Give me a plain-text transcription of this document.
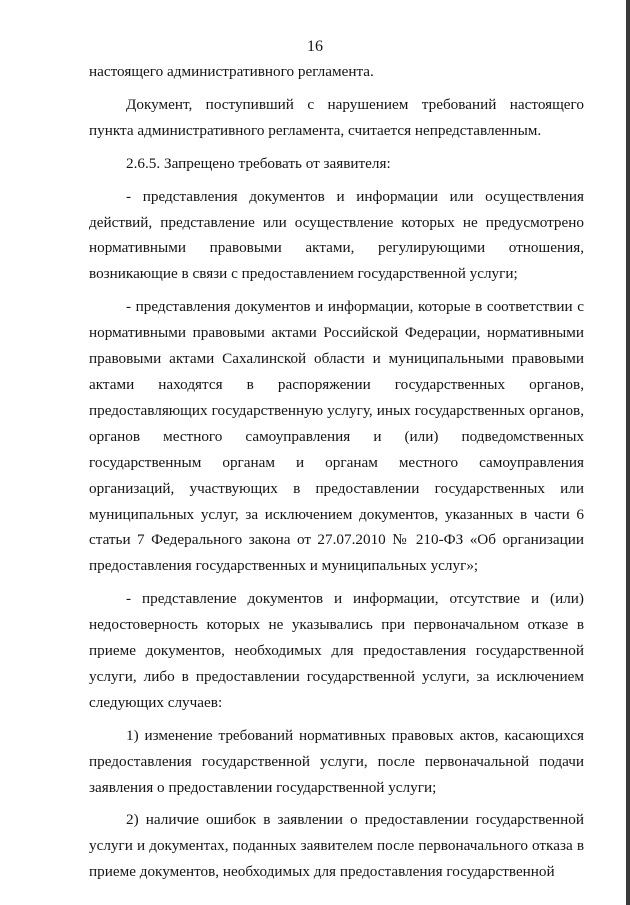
16

настоящего административного регламента.

Документ, поступивший с нарушением требований настоящего пункта административного регламента, считается непредставленным.

2.6.5. Запрещено требовать от заявителя:

- представления документов и информации или осуществления действий, представление или осуществление которых не предусмотрено нормативными правовыми актами, регулирующими отношения, возникающие в связи с предоставлением государственной услуги;

- представления документов и информации, которые в соответствии с нормативными правовыми актами Российской Федерации, нормативными правовыми актами Сахалинской области и муниципальными правовыми актами находятся в распоряжении государственных органов, предоставляющих государственную услугу, иных государственных органов, органов местного самоуправления и (или) подведомственных государственным органам и органам местного самоуправления организаций, участвующих в предоставлении государственных или муниципальных услуг, за исключением документов, указанных в части 6 статьи 7 Федерального закона от 27.07.2010 № 210-ФЗ «Об организации предоставления государственных и муниципальных услуг»;

- представление документов и информации, отсутствие и (или) недостоверность которых не указывались при первоначальном отказе в приеме документов, необходимых для предоставления государственной услуги, либо в предоставлении государственной услуги, за исключением следующих случаев:

1) изменение требований нормативных правовых актов, касающихся предоставления государственной услуги, после первоначальной подачи заявления о предоставлении государственной услуги;

2) наличие ошибок в заявлении о предоставлении государственной услуги и документах, поданных заявителем после первоначального отказа в приеме документов, необходимых для предоставления государственной
